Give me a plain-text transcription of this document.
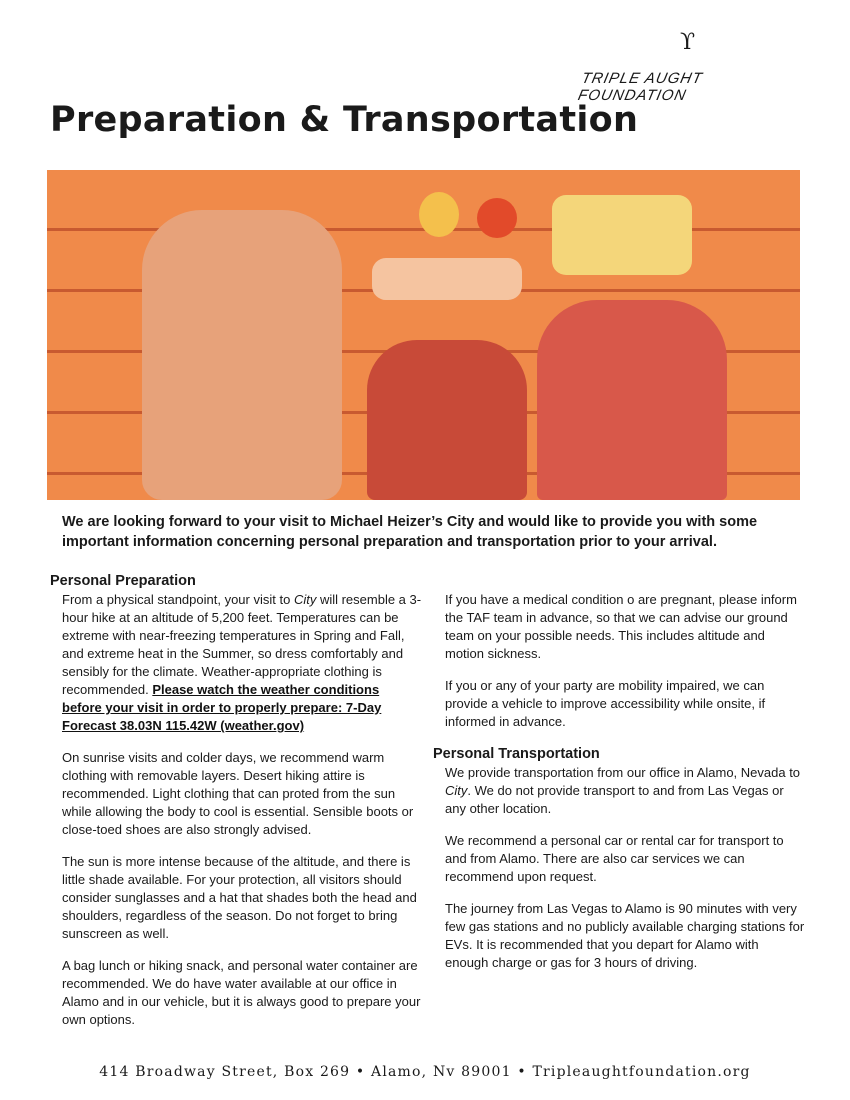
ϒ
TRIPLE AUGHT FOUNDATION
Preparation & Transportation
We are looking forward to your visit to Michael Heizer’s City and would like to provide you with some important information concerning personal preparation and transportation prior to your arrival.
Personal Preparation

From a physical standpoint, your visit to City will resemble a 3-hour hike at an altitude of 5,200 feet. Temperatures can be extreme with near-freezing temperatures in Spring and Fall, and extreme heat in the Summer, so dress comfortably and sensibly for the climate. Weather-appropriate clothing is recommended. Please watch the weather conditions before your visit in order to properly prepare: 7-Day Forecast 38.03N 115.42W (weather.gov)

On sunrise visits and colder days, we recommend warm clothing with removable layers. Desert hiking attire is recommended. Light clothing that can proted from the sun while allowing the body to cool is essential. Sensible boots or close-toed shoes are also strongly advised.

The sun is more intense because of the altitude, and there is little shade available. For your protection, all visitors should consider sunglasses and a hat that shades both the head and shoulders, regardless of the season. Do not forget to bring sunscreen as well.

A bag lunch or hiking snack, and personal water container are recommended. We do have water available at our office in Alamo and in our vehicle, but it is always good to prepare your own options.

If you have a medical condition o are pregnant, please inform the TAF team in advance, so that we can advise our ground team on your possible needs. This includes altitude and motion sickness.

If you or any of your party are mobility impaired, we can provide a vehicle to improve accessibility while onsite, if informed in advance.

Personal Transportation

We provide transportation from our office in Alamo, Nevada to City. We do not provide transport to and from Las Vegas or any other location.

We recommend a personal car or rental car for transport to and from Alamo. There are also car services we can recommend upon request.

The journey from Las Vegas to Alamo is 90 minutes with very few gas stations and no publicly available charging stations for EVs. It is recommended that you depart for Alamo with enough charge or gas for 3 hours of driving.

414 Broadway Street, Box 269 • Alamo, Nv 89001 • Tripleaughtfoundation.org
